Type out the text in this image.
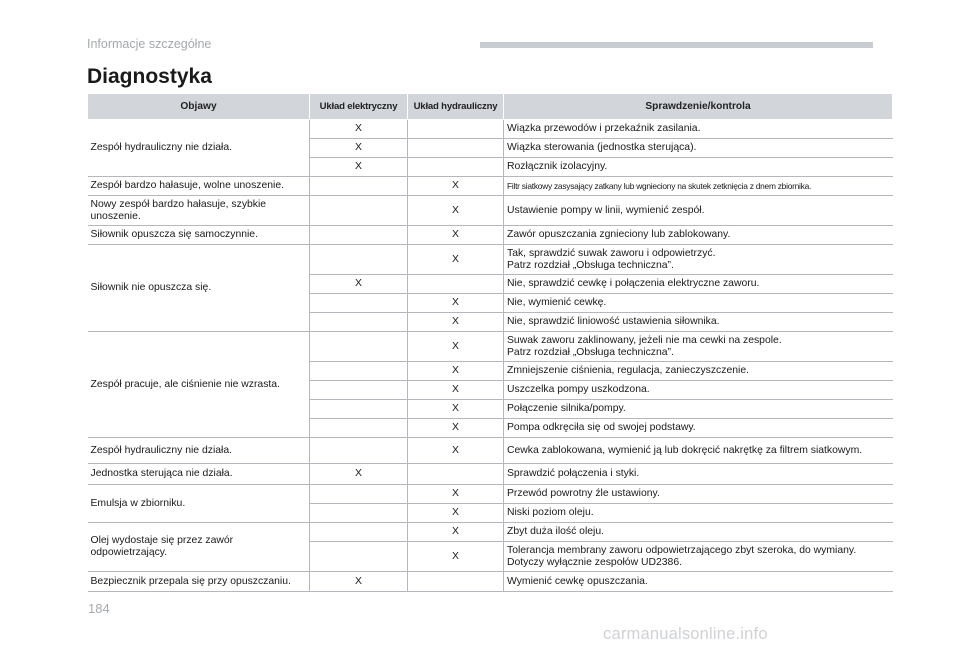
Informacje szczegółne
Diagnostyka
Objawy	Układ elektryczny	Układ hydrauliczny	Sprawdzenie/kontrola
Zespół hydrauliczny nie działa.	X		Wiązka przewodów i przekaźnik zasilania.
	X		Wiązka sterowania (jednostka sterująca).
	X		Rozłącznik izolacyjny.
Zespół bardzo hałasuje, wolne unoszenie.		X	Filtr siatkowy zasysający zatkany lub wgnieciony na skutek zetknięcia z dnem zbiornika.
Nowy zespół bardzo hałasuje, szybkie unoszenie.		X	Ustawienie pompy w linii, wymienić zespół.
Siłownik opuszcza się samoczynnie.		X	Zawór opuszczania zgnieciony lub zablokowany.
Siłownik nie opuszcza się.		X	Tak, sprawdzić suwak zaworu i odpowietrzyć.
Patrz rozdział „Obsługa techniczna”.

	X		Nie, sprawdzić cewkę i połączenia elektryczne zaworu.
		X	Nie, wymienić cewkę.
		X	Nie, sprawdzić liniowość ustawienia siłownika.
Zespół pracuje, ale ciśnienie nie wzrasta.		X	Suwak zaworu zaklinowany, jeżeli nie ma cewki na zespole.
Patrz rozdział „Obsługa techniczna”.

		X	Zmniejszenie ciśnienia, regulacja, zanieczyszczenie.
		X	Uszczelka pompy uszkodzona.
		X	Połączenie silnika/pompy.
		X	Pompa odkręciła się od swojej podstawy.
Zespół hydrauliczny nie działa.		X	Cewka zablokowana, wymienić ją lub dokręcić nakrętkę za filtrem siatkowym.
Jednostka sterująca nie działa.	X		Sprawdzić połączenia i styki.
Emulsja w zbiorniku.		X	Przewód powrotny źle ustawiony.
		X	Niski poziom oleju.
Olej wydostaje się przez zawór odpowietrzający.		X	Zbyt duża ilość oleju.
		X	Tolerancja membrany zaworu odpowietrzającego zbyt szeroka, do wymiany.
Dotyczy wyłącznie zespołów UD2386.

Bezpiecznik przepala się przy opuszczaniu.	X		Wymienić cewkę opuszczania.
184
carmanualsonline.info
